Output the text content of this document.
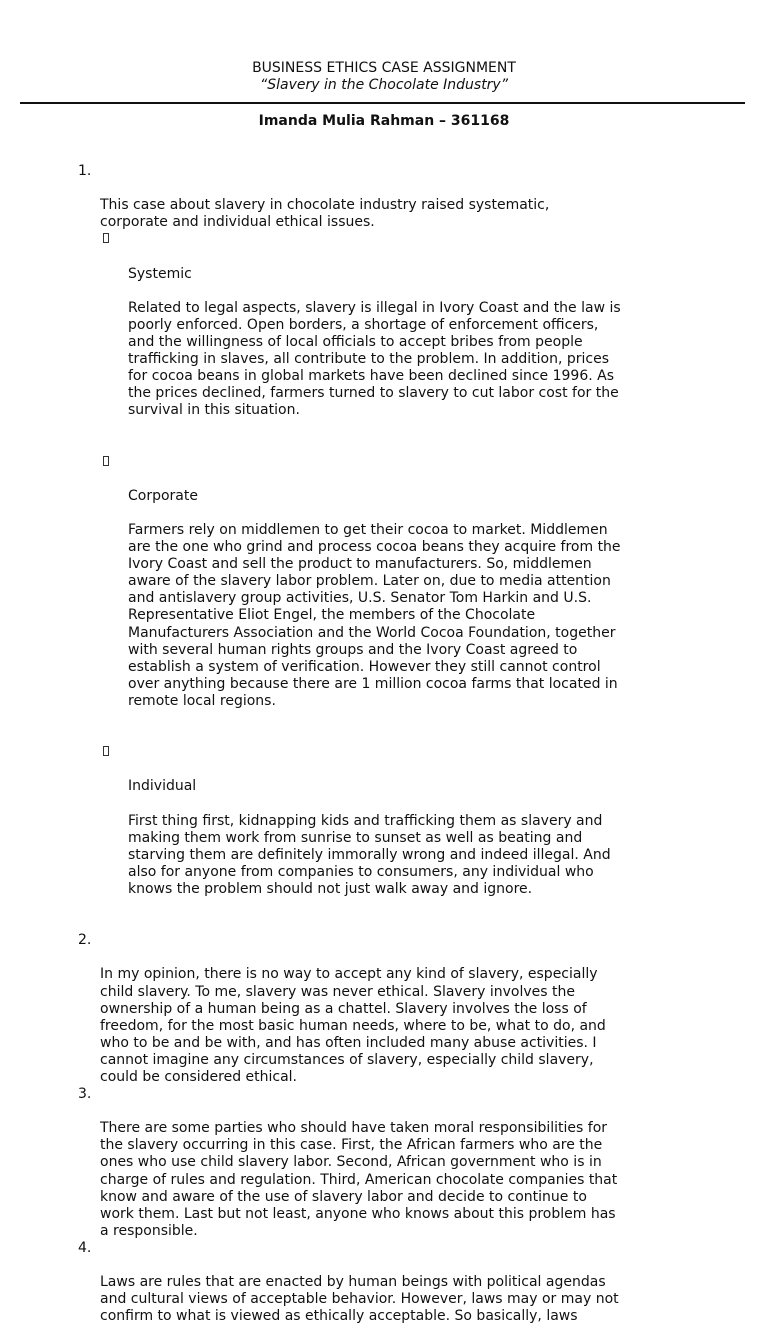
BUSINESS ETHICS CASE ASSIGNMENT
“Slavery in the Chocolate Industry”
Imanda Mulia Rahman – 361168

1.

This case about slavery in chocolate industry raised systematic,
corporate and individual ethical issues.

Systemic

Related to legal aspects, slavery is illegal in Ivory Coast and the law is
poorly enforced. Open borders, a shortage of enforcement officers,
and the willingness of local officials to accept bribes from people
trafficking in slaves, all contribute to the problem. In addition, prices
for cocoa beans in global markets have been declined since 1996. As
the prices declined, farmers turned to slavery to cut labor cost for the
survival in this situation.

Corporate

Farmers rely on middlemen to get their cocoa to market. Middlemen
are the one who grind and process cocoa beans they acquire from the
Ivory Coast and sell the product to manufacturers. So, middlemen
aware of the slavery labor problem. Later on, due to media attention
and antislavery group activities, U.S. Senator Tom Harkin and U.S.
Representative Eliot Engel, the members of the Chocolate
Manufacturers Association and the World Cocoa Foundation, together
with several human rights groups and the Ivory Coast agreed to
establish a system of verification. However they still cannot control
over anything because there are 1 million cocoa farms that located in
remote local regions.

Individual

First thing first, kidnapping kids and trafficking them as slavery and
making them work from sunrise to sunset as well as beating and
starving them are definitely immorally wrong and indeed illegal. And
also for anyone from companies to consumers, any individual who
knows the problem should not just walk away and ignore.

2.

In my opinion, there is no way to accept any kind of slavery, especially
child slavery. To me, slavery was never ethical. Slavery involves the
ownership of a human being as a chattel. Slavery involves the loss of
freedom, for the most basic human needs, where to be, what to do, and
who to be and be with, and has often included many abuse activities. I
cannot imagine any circumstances of slavery, especially child slavery,
could be considered ethical.

3.

There are some parties who should have taken moral responsibilities for
the slavery occurring in this case. First, the African farmers who are the
ones who use child slavery labor. Second, African government who is in
charge of rules and regulation. Third, American chocolate companies that
know and aware of the use of slavery labor and decide to continue to
work them. Last but not least, anyone who knows about this problem has
a responsible.

4.

Laws are rules that are enacted by human beings with political agendas
and cultural views of acceptable behavior. However, laws may or may not
confirm to what is viewed as ethically acceptable. So basically, laws
